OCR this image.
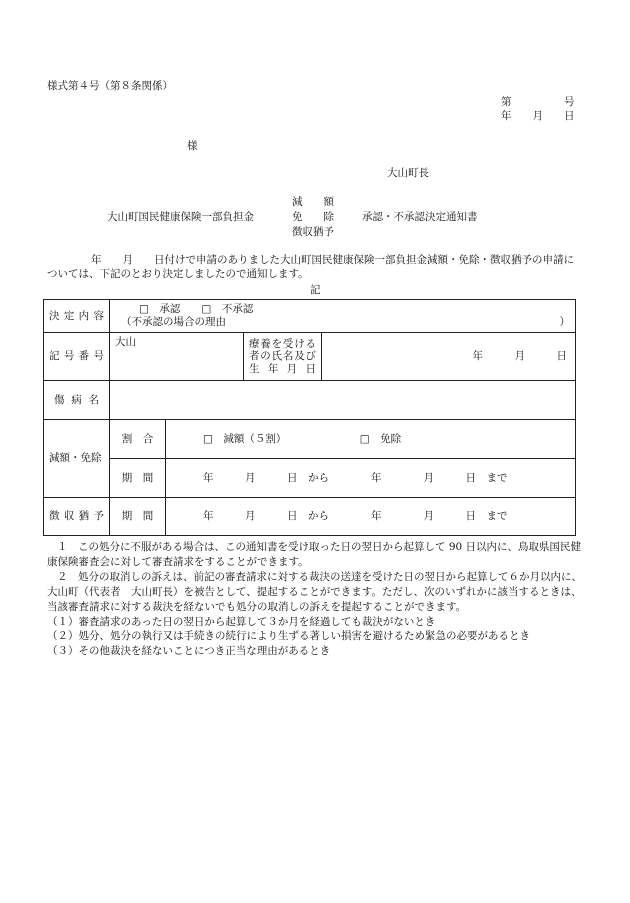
様式第４号（第８条関係）
第　　　　　号
年　　月　　日
様
大山町長
減　　額
大山町国民健康保険一部負担金	免　　除	承認・不承認決定通知書
徴収猶予
年　　月　　日付けで申請のありました大山町国民健康保険一部負担金減額・免除・徴収猶予の申請については、下記のとおり決定しましたので通知します。
記
決定内容	□　承認　　□　不承認
（不承認の場合の理由 ）			

記号番号	大山		療養を受ける者の氏名及び生年月日	年　　　月　　　日

傷病名				

減額・免除	割　合	□　減額（５割） □　免除		
	期　間	年　　　月　　　日　から　　　　年　　　　月　　　日　まで		

徴収猶予	期　間	年　　　月　　　日　から　　　　年　　　　月　　　日　まで		

１　この処分に不服がある場合は、この通知書を受け取った日の翌日から起算して 90 日以内に、鳥取県国民健康保険審査会に対して審査請求をすることができます。

２　処分の取消しの訴えは、前記の審査請求に対する裁決の送達を受けた日の翌日から起算して６か月以内に、大山町（代表者　大山町長）を被告として、提起することができます。ただし、次のいずれかに該当するときは、当該審査請求に対する裁決を経ないでも処分の取消しの訴えを提起することができます。

（１）審査請求のあった日の翌日から起算して３か月を経過しても裁決がないとき

（２）処分、処分の執行又は手続きの続行により生ずる著しい損害を避けるため緊急の必要があるとき

（３）その他裁決を経ないことにつき正当な理由があるとき
